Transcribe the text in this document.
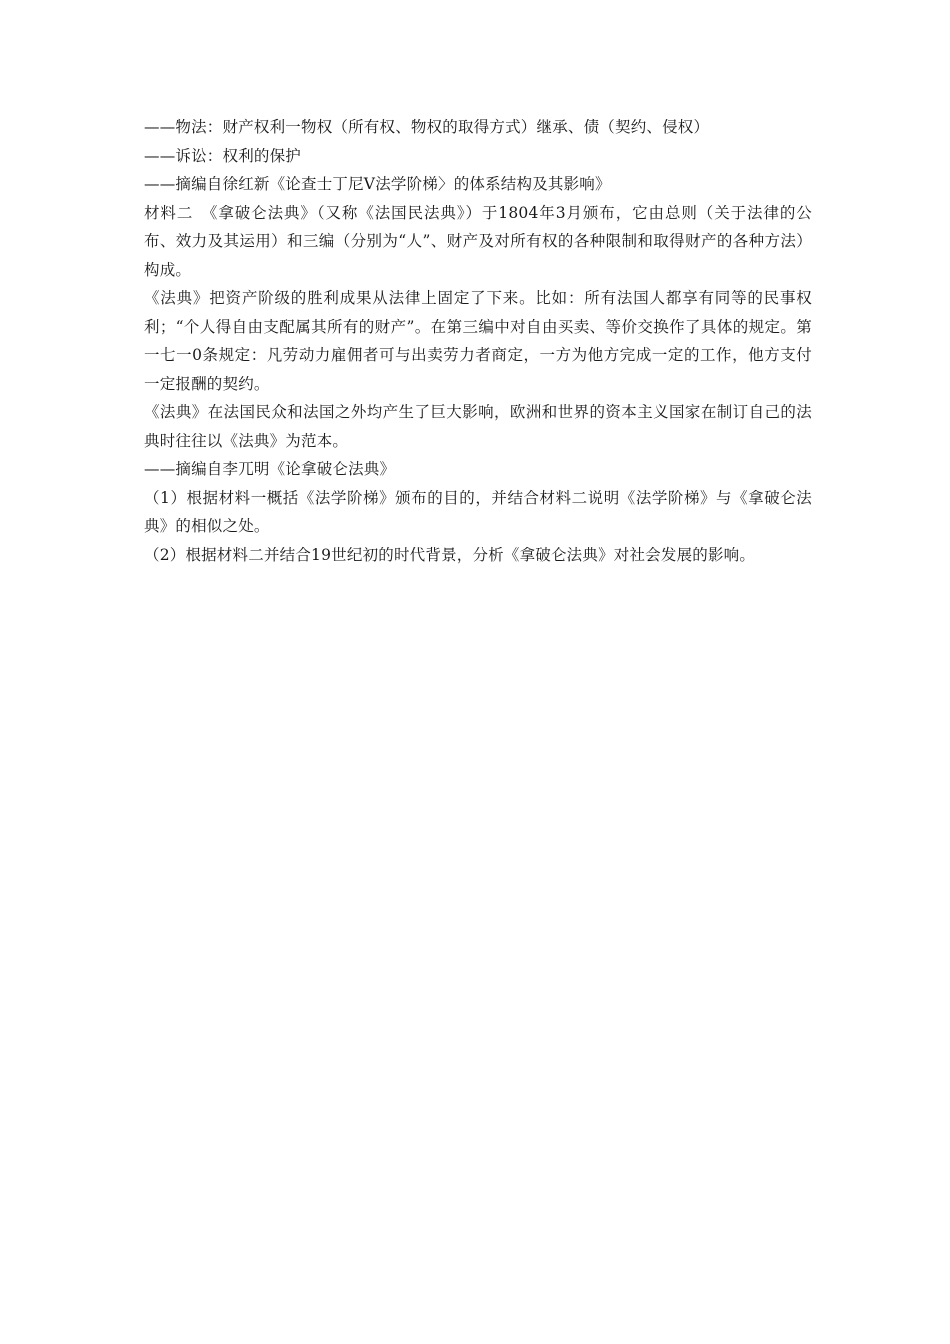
——物法：财产权利一物权（所有权、物权的取得方式）继承、债（契约、侵权）

——诉讼：权利的保护

——摘编自徐红新《论查士丁尼Ⅴ法学阶梯〉的体系结构及其影响》

材料二　《拿破仑法典》（又称《法国民法典》）于1804年3月颁布，它由总则（关于法律的公布、效力及其运用）和三编（分别为“人”、财产及对所有权的各种限制和取得财产的各种方法）构成。

《法典》把资产阶级的胜利成果从法律上固定了下来。比如：所有法国人都享有同等的民事权利；“个人得自由支配属其所有的财产”。在第三编中对自由买卖、等价交换作了具体的规定。第一七一0条规定：凡劳动力雇佣者可与出卖劳力者商定，一方为他方完成一定的工作，他方支付一定报酬的契约。

《法典》在法国民众和法国之外均产生了巨大影响，欧洲和世界的资本主义国家在制订自己的法典时往往以《法典》为范本。

——摘编自李兀明《论拿破仑法典》

（1）根据材料一概括《法学阶梯》颁布的目的，并结合材料二说明《法学阶梯》与《拿破仑法典》的相似之处。

（2）根据材料二并结合19世纪初的时代背景，分析《拿破仑法典》对社会发展的影响。
